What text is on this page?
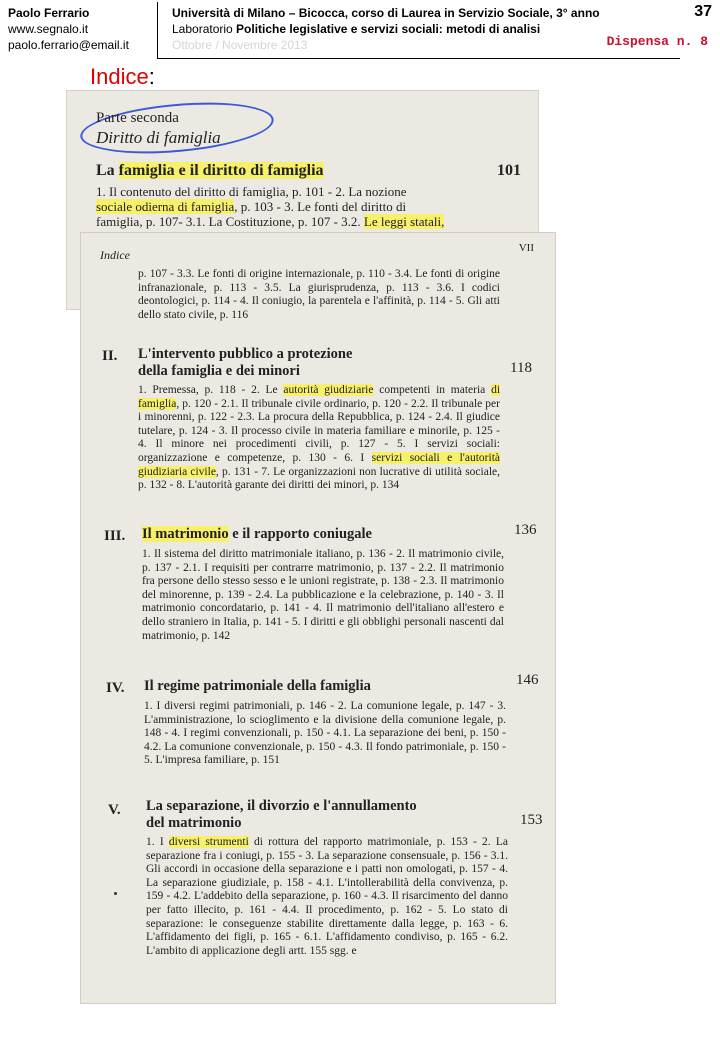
Paolo Ferrario
www.segnalo.it
paolo.ferrario@email.it
Università di Milano – Bicocca, corso di Laurea in Servizio Sociale, 3° anno
Laboratorio Politiche legislative e servizi sociali: metodi di analisi
Ottobre / Novembre 2013
37
Dispensa n. 8
Indice:
Parte seconda
Diritto di famiglia
La famiglia e il diritto di famiglia	101
1. Il contenuto del diritto di famiglia, p. 101 - 2. La nozione
sociale odierna di famiglia, p. 103 - 3. Le fonti del diritto di
famiglia, p. 107- 3.1. La Costituzione, p. 107 - 3.2. Le leggi statali,
Indice	VII
p. 107 - 3.3. Le fonti di origine internazionale, p. 110 - 3.4. Le fonti di origine infranazionale, p. 113 - 3.5. La giurisprudenza, p. 113 - 3.6. I codici deontologici, p. 114 - 4. Il coniugio, la parentela e l'affinità, p. 114 - 5. Gli atti dello stato civile, p. 116
II. L'intervento pubblico a protezione
della famiglia e dei minori	118
1. Premessa, p. 118 - 2. Le autorità giudiziarie competenti in materia di famiglia, p. 120 - 2.1. Il tribunale civile ordinario, p. 120 - 2.2. Il tribunale per i minorenni, p. 122 - 2.3. La procura della Repubblica, p. 124 - 2.4. Il giudice tutelare, p. 124 - 3. Il processo civile in materia familiare e minorile, p. 125 - 4. Il minore nei procedimenti civili, p. 127 - 5. I servizi sociali: organizzazione e competenze, p. 130 - 6. I servizi sociali e l'autorità giudiziaria civile, p. 131 - 7. Le organizzazioni non lucrative di utilità sociale, p. 132 - 8. L'autorità garante dei diritti dei minori, p. 134
III. Il matrimonio e il rapporto coniugale	136
1. Il sistema del diritto matrimoniale italiano, p. 136 - 2. Il matrimonio civile, p. 137 - 2.1. I requisiti per contrarre matrimonio, p. 137 - 2.2. Il matrimonio fra persone dello stesso sesso e le unioni registrate, p. 138 - 2.3. Il matrimonio del minorenne, p. 139 - 2.4. La pubblicazione e la celebrazione, p. 140 - 3. Il matrimonio concordatario, p. 141 - 4. Il matrimonio dell'italiano all'estero e dello straniero in Italia, p. 141 - 5. I diritti e gli obblighi personali nascenti dal matrimonio, p. 142
IV. Il regime patrimoniale della famiglia	146
1. I diversi regimi patrimoniali, p. 146 - 2. La comunione legale, p. 147 - 3. L'amministrazione, lo scioglimento e la divisione della comunione legale, p. 148 - 4. I regimi convenzionali, p. 150 - 4.1. La separazione dei beni, p. 150 - 4.2. La comunione convenzionale, p. 150 - 4.3. Il fondo patrimoniale, p. 150 - 5. L'impresa familiare, p. 151
V. La separazione, il divorzio e l'annullamento
del matrimonio	153
1. I diversi strumenti di rottura del rapporto matrimoniale, p. 153 - 2. La separazione fra i coniugi, p. 155 - 3. La separazione consensuale, p. 156 - 3.1. Gli accordi in occasione della separazione e i patti non omologati, p. 157 - 4. La separazione giudiziale, p. 158 - 4.1. L'intollerabilità della convivenza, p. 159 - 4.2. L'addebito della separazione, p. 160 - 4.3. Il risarcimento del danno per fatto illecito, p. 161 - 4.4. Il procedimento, p. 162 - 5. Lo stato di separazione: le conseguenze stabilite direttamente dalla legge, p. 163 - 6. L'affidamento dei figli, p. 165 - 6.1. L'affidamento condiviso, p. 165 - 6.2. L'ambito di applicazione degli artt. 155 sgg. e
